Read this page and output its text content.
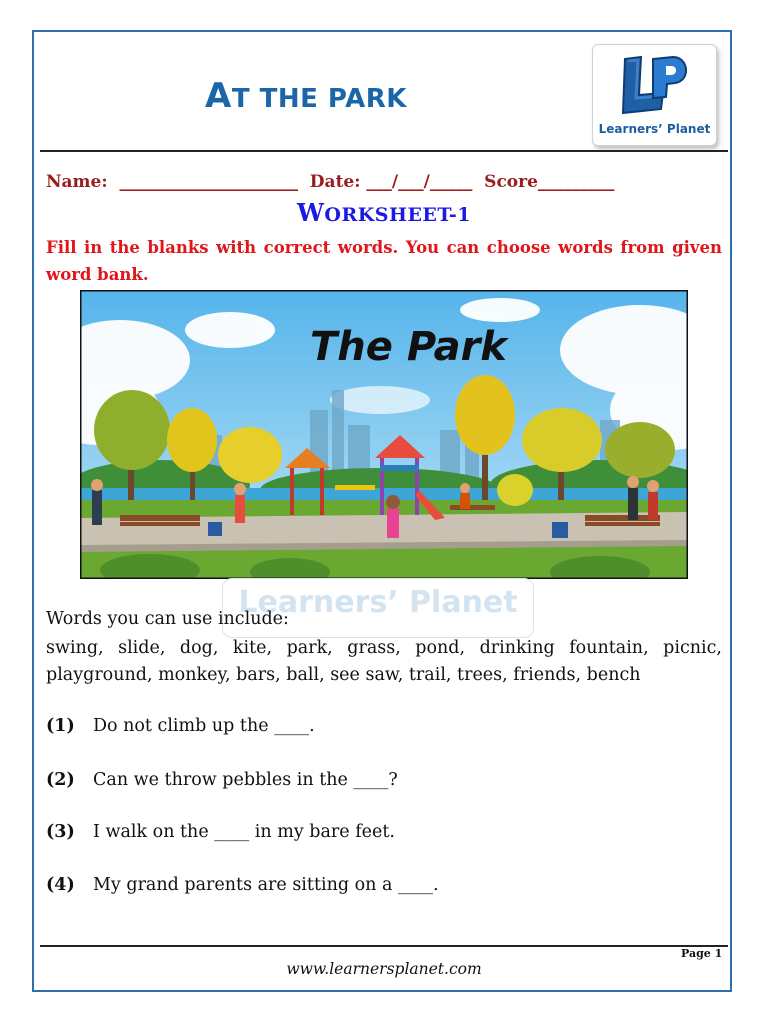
AT THE PARK
Learners’ Planet
Name:  _____________________  Date: ___/___/_____  Score_________
WORKSHEET-1
Fill in the blanks with correct words. You can choose words from given word bank.
The Park
Learners’ Planet
Words you can use include:
swing, slide, dog, kite, park, grass, pond, drinking fountain, picnic, playground, monkey, bars, ball, see saw, trail, trees, friends, bench
(1) Do not climb up the ____.
(2) Can we throw pebbles in the ____?
(3) I walk on the ____ in my bare feet.
(4) My grand parents are sitting on a ____.
Page 1
www.learnersplanet.com
